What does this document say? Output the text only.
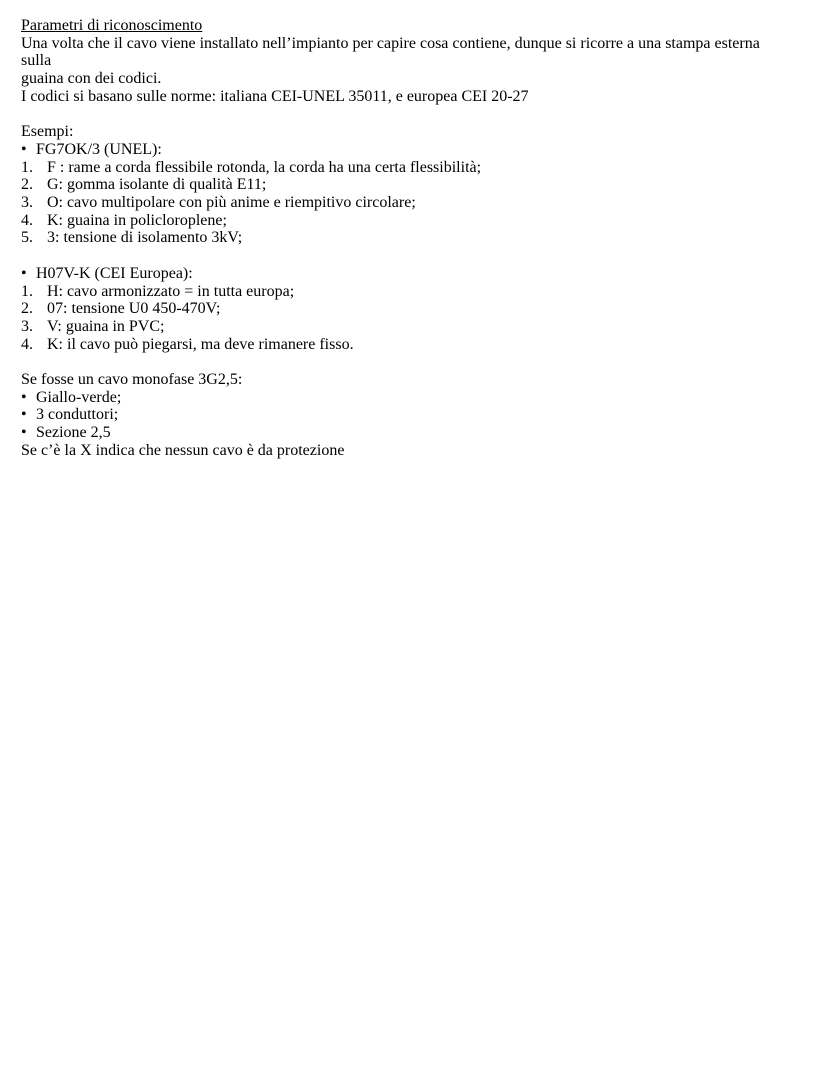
Parametri di riconoscimento
Una volta che il cavo viene installato nell’impianto per capire cosa contiene, dunque si ricorre a una stampa esterna sulla
guaina con dei codici.
I codici si basano sulle norme: italiana CEI-UNEL 35011, e europea CEI 20-27
Esempi:
• FG7OK/3 (UNEL):
1. F : rame a corda flessibile rotonda, la corda ha una certa flessibilità;
2. G: gomma isolante di qualità E11;
3. O: cavo multipolare con più anime e riempitivo circolare;
4. K: guaina in policloroplene;
5. 3: tensione di isolamento 3kV;
• H07V-K (CEI Europea):
1. H: cavo armonizzato = in tutta europa;
2. 07: tensione U0 450-470V;
3. V: guaina in PVC;
4. K: il cavo può piegarsi, ma deve rimanere fisso.
Se fosse un cavo monofase 3G2,5:
• Giallo-verde;
• 3 conduttori;
• Sezione 2,5
Se c’è la X indica che nessun cavo è da protezione
